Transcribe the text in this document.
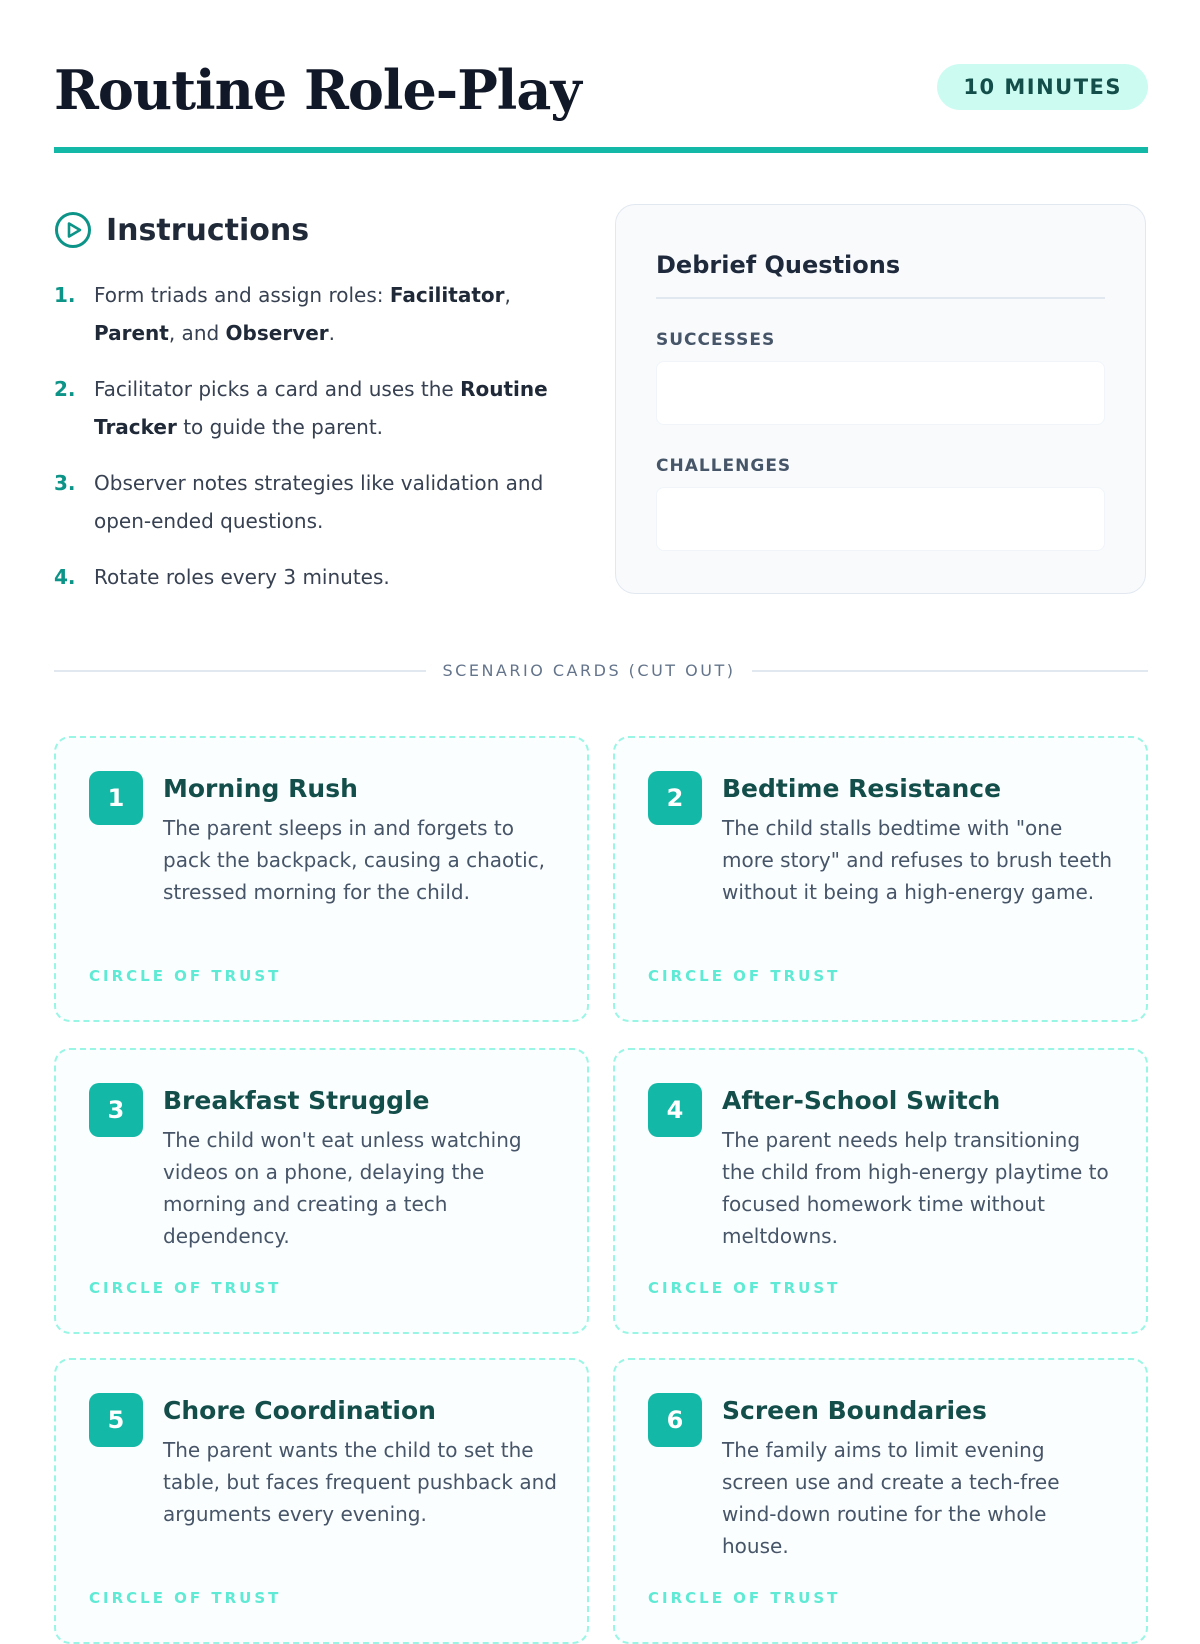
Routine Role-Play	10 MINUTES
Instructions
1. Form triads and assign roles: Facilitator, Parent, and Observer.
2. Facilitator picks a card and uses the Routine Tracker to guide the parent.
3. Observer notes strategies like validation and open-ended questions.
4. Rotate roles every 3 minutes.
Debrief Questions
SUCCESSES
CHALLENGES
SCENARIO CARDS (CUT OUT)
1	Morning Rush
The parent sleeps in and forgets to pack the backpack, causing a chaotic, stressed morning for the child.
CIRCLE OF TRUST
2	Bedtime Resistance
The child stalls bedtime with "one more story" and refuses to brush teeth without it being a high-energy game.
CIRCLE OF TRUST
3	Breakfast Struggle
The child won't eat unless watching videos on a phone, delaying the morning and creating a tech dependency.
CIRCLE OF TRUST
4	After-School Switch
The parent needs help transitioning the child from high-energy playtime to focused homework time without meltdowns.
CIRCLE OF TRUST
5	Chore Coordination
The parent wants the child to set the table, but faces frequent pushback and arguments every evening.
CIRCLE OF TRUST
6	Screen Boundaries
The family aims to limit evening screen use and create a tech-free wind-down routine for the whole house.
CIRCLE OF TRUST
